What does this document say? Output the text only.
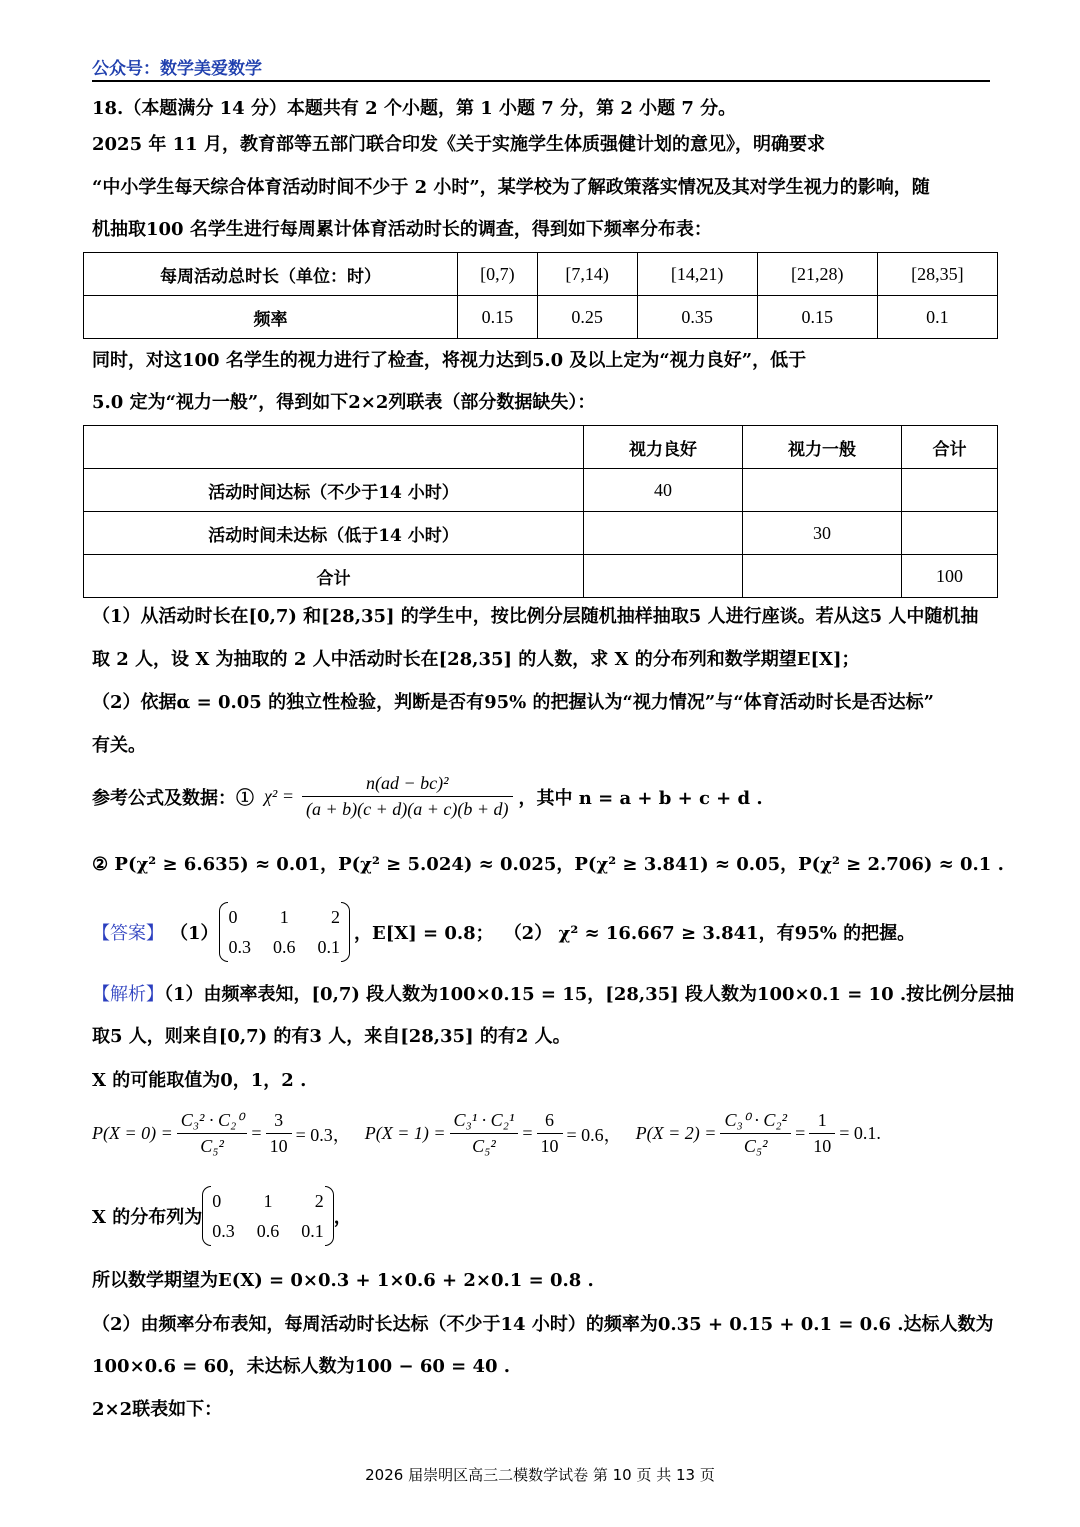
公众号：数学美爱数学
18.（本题满分 14 分）本题共有 2 个小题，第 1 小题 7 分，第 2 小题 7 分。
2025 年 11 月，教育部等五部门联合印发《关于实施学生体质强健计划的意见》，明确要求
“中小学生每天综合体育活动时间不少于 2 小时”，某学校为了解政策落实情况及其对学生视力的影响，随
机抽取100 名学生进行每周累计体育活动时长的调查，得到如下频率分布表：
每周活动总时长（单位：时）	[0,7)	[7,14)	[14,21)	[21,28)	[28,35]
频率	0.15	0.25	0.35	0.15	0.1
同时，对这100 名学生的视力进行了检查，将视力达到5.0 及以上定为“视力良好”，低于
5.0 定为“视力一般”，得到如下2×2列联表（部分数据缺失）：
	视力良好	视力一般	合计
活动时间达标（不少于14 小时）	40		
活动时间未达标（低于14 小时）		30	
合计			100
（1）从活动时长在[0,7) 和[28,35] 的学生中，按比例分层随机抽样抽取5 人进行座谈。若从这5 人中随机抽
取 2 人，设 X 为抽取的 2 人中活动时长在[28,35] 的人数，求 X 的分布列和数学期望E[X]；
（2）依据α = 0.05 的独立性检验，判断是否有95% 的把握认为“视力情况”与“体育活动时长是否达标”
有关。
参考公式及数据：① $\chi^2 = \frac{\text{n(ad − bc)²}}{(a + b)(c + d)(a + c)(b + d)}$ ，其中 n = a + b + c + d .
② P(χ² ≥ 6.635) ≈ 0.01，P(χ² ≥ 5.024) ≈ 0.025，P(χ² ≥ 3.841) ≈ 0.05，P(χ² ≥ 2.706) ≈ 0.1 .
【答案】 （1）
0 1 2
0.3 0.6 0.1
，E[X] = 0.8； （2） χ² ≈ 16.667 ≥ 3.841，有95% 的把握。
【解析】（1）由频率表知，[0,7) 段人数为100×0.15 = 15，[28,35] 段人数为100×0.1 = 10 .按比例分层抽
取5 人，则来自[0,7) 的有3 人，来自[28,35] 的有2 人。
X 的可能取值为0，1，2 .
$P(X = 0) = \frac{\text{C₃² · C₂⁰}}{\text{C₅²}} = \frac{3}{10} = 0.3$， $P(X = 1) = \frac{\text{C₃¹ · C₂¹}}{\text{C₅²}} = \frac{6}{10} = 0.6$， $P(X = 2) = \frac{\text{C₃⁰ · C₂²}}{\text{C₅²}} = \frac{1}{10} = 0.1$.
X 的分布列为
0 1 2
0.3 0.6 0.1
，
所以数学期望为E(X) = 0×0.3 + 1×0.6 + 2×0.1 = 0.8 .
（2）由频率分布表知，每周活动时长达标（不少于14 小时）的频率为0.35 + 0.15 + 0.1 = 0.6 .达标人数为
100×0.6 = 60，未达标人数为100 − 60 = 40 .
2×2联表如下：
2026 届崇明区高三二模数学试卷 第 10 页 共 13 页
